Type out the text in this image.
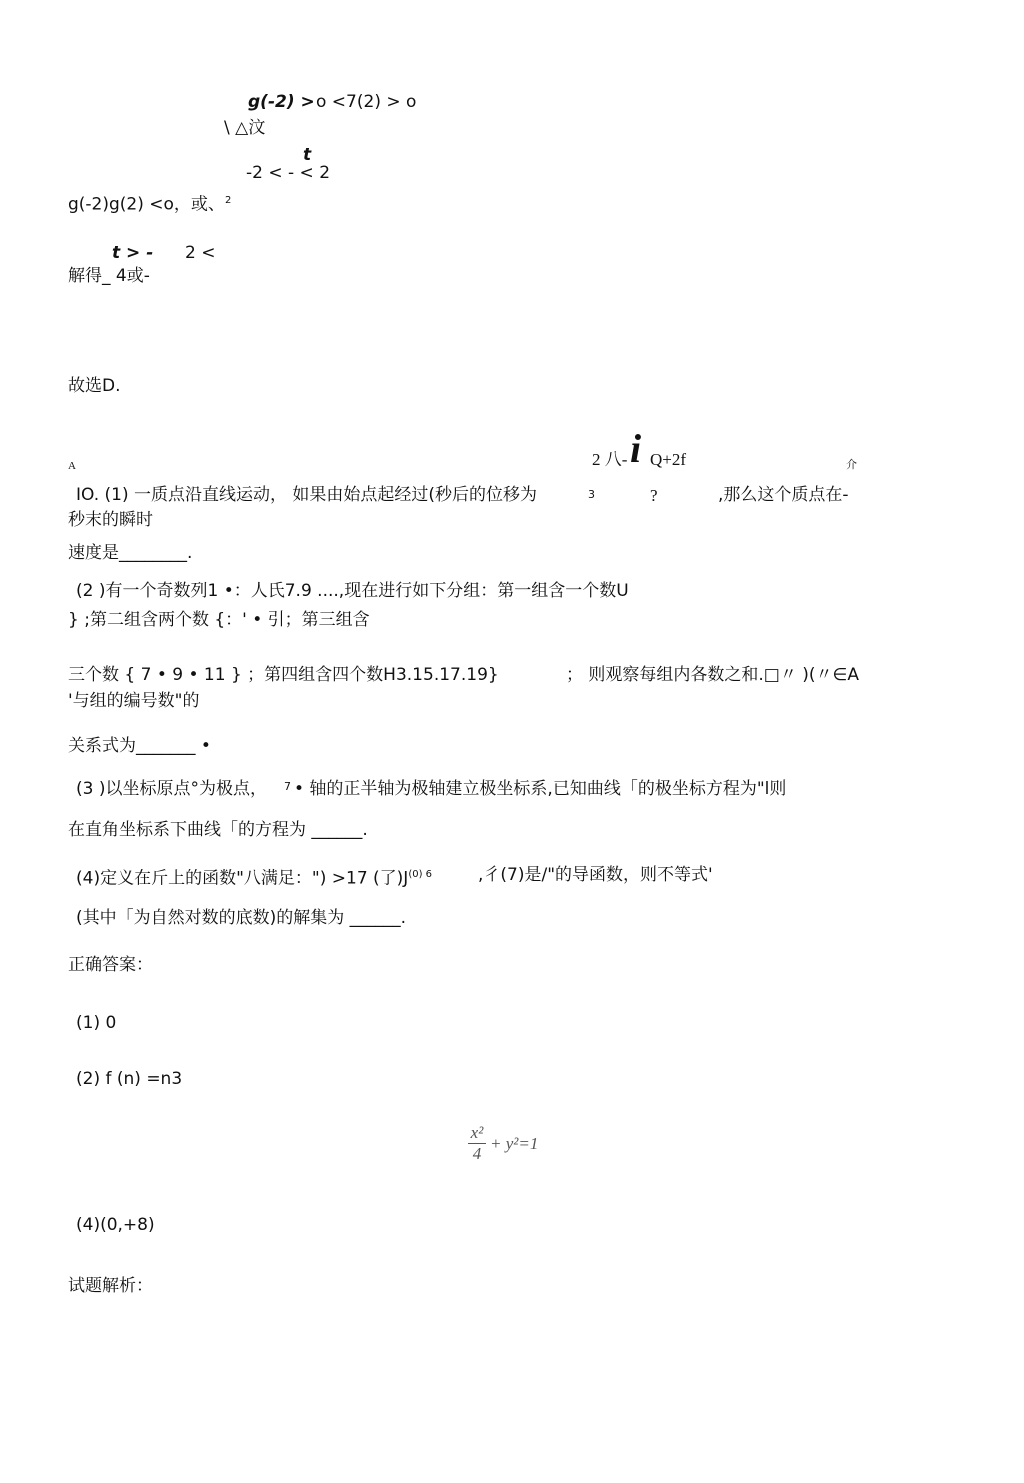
g(-2) > o <7(2) > o
\ △汶
t
-2 < - < 2
g(-2)g(2) <o，或、$^2$
t > - 2 <
解得_ 4或-
故选D.
A	2 八- i Q+2f	介
IO. (1) 一质点沿直线运动， 如果由始点起经过(秒后的位移为	3	?	,那么这个质点在-
秒末的瞬时
速度是________.
(2 )有一个奇数列1 •：人氏7.9 ....,现在进行如下分组：第一组含一个数U
} ;第二组含两个数 {：' • 引；第三组含
三个数 { 7 • 9 • 11 } ；第四组含四个数H3.15.17.19}	； 则观察每组内各数之和.□〃 )(〃∈A
'与组的编号数"的
关系式为_______ •
(3 )以坐标原点°为极点， 7 • 轴的正半轴为极轴建立极坐标系,已知曲线「的极坐标方程为"l则
在直角坐标系下曲线「的方程为 ______.
(4)定义在斤上的函数"八满足：") >17 (了)$J^{(0) 6}$	,彳(7)是/"的导函数，则不等式'
(其中「为自然对数的底数)的解集为 ______.
正确答案：
(1) 0
(2) f (n) =n3
$\frac{\text{x²}}{4} + y^2=1$
(4)(0,+8)
试题解析：
